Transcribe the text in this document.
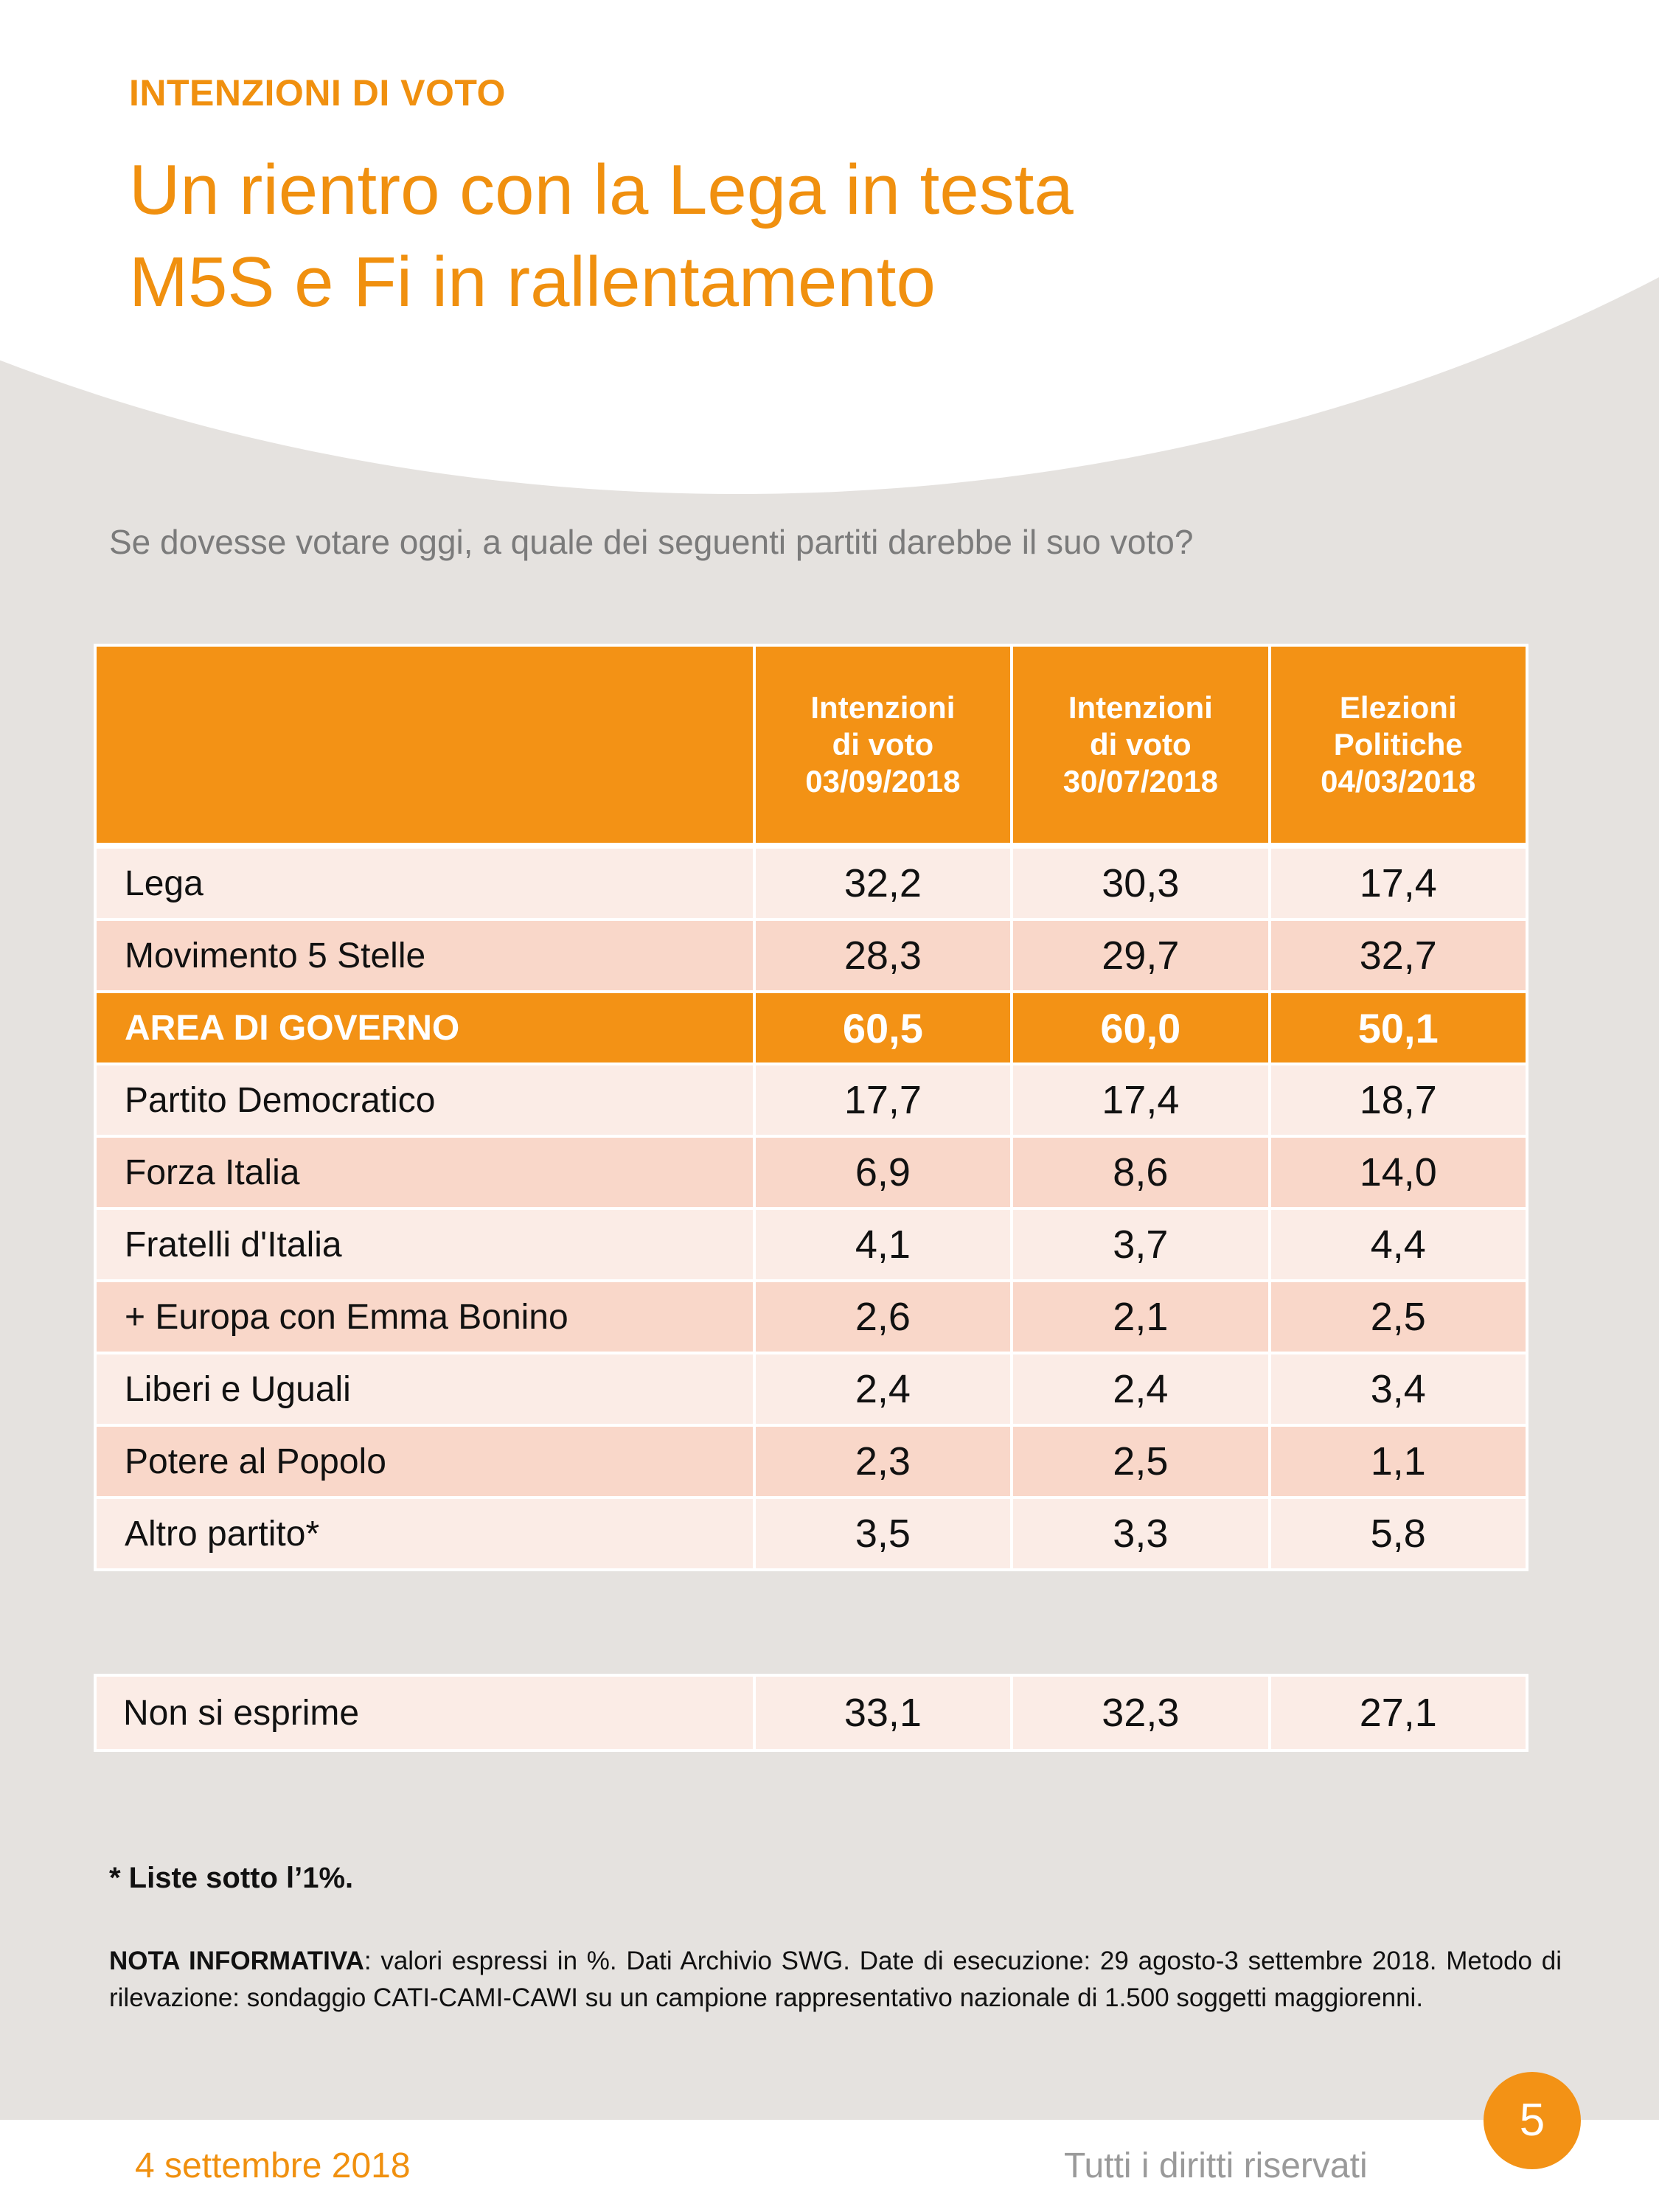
INTENZIONI DI VOTO
Un rientro con la Lega in testa
M5S e Fi in rallentamento
Se dovesse votare oggi, a quale dei seguenti partiti darebbe il suo voto?
	Intenzioni
di voto
03/09/2018	Intenzioni
di voto
30/07/2018	Elezioni
Politiche
04/03/2018
Lega	32,2	30,3	17,4
Movimento 5 Stelle	28,3	29,7	32,7
AREA DI GOVERNO	60,5	60,0	50,1
Partito Democratico	17,7	17,4	18,7
Forza Italia	6,9	8,6	14,0
Fratelli d'Italia	4,1	3,7	4,4
+ Europa con Emma Bonino	2,6	2,1	2,5
Liberi e Uguali	2,4	2,4	3,4
Potere al Popolo	2,3	2,5	1,1
Altro partito*	3,5	3,3	5,8
Non si esprime	33,1	32,3	27,1
* Liste sotto l’1%.
NOTA INFORMATIVA: valori espressi in %. Dati Archivio SWG. Date di esecuzione: 29 agosto-3 settembre 2018. Metodo di rilevazione: sondaggio CATI-CAMI-CAWI su un campione rappresentativo nazionale di 1.500 soggetti maggiorenni.
4 settembre 2018	Tutti i diritti riservati
5
